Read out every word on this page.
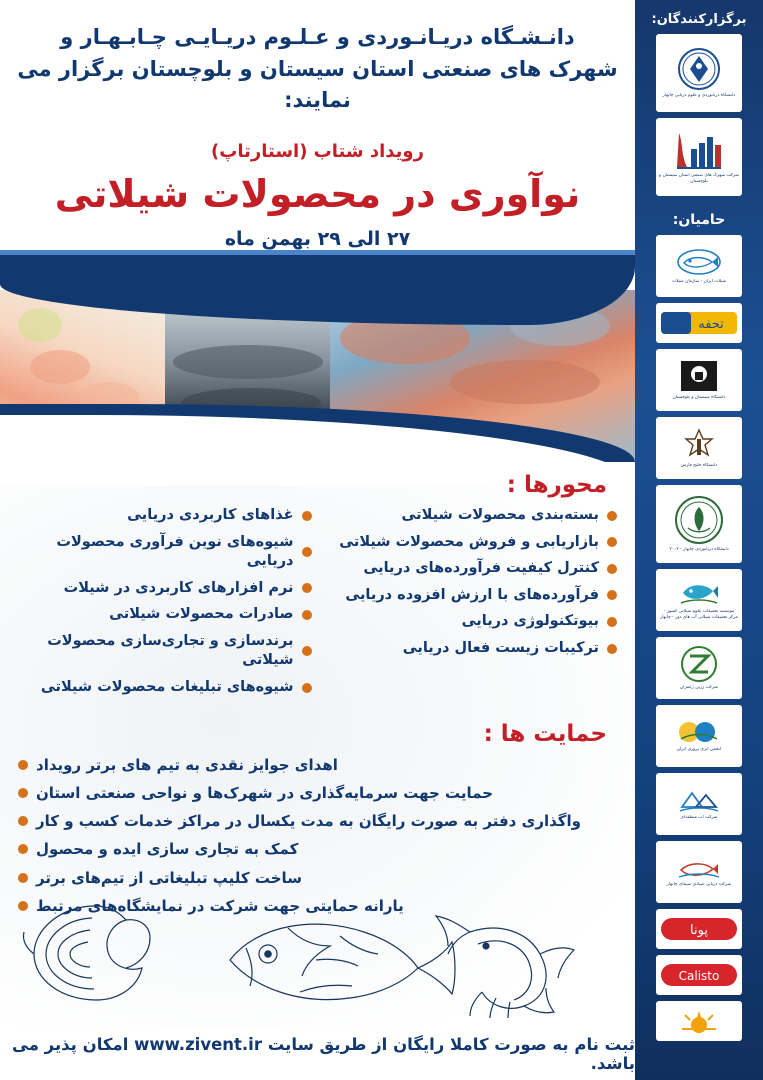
دانـشـگاه دریـانـوردی و عـلـوم دریـایـی چـابـهـار و
شهرک های صنعتی استان سیستان و بلوچستان برگزار می نمایند:
رویداد شتاب (استارتاپ)
نوآوری در محصولات شیلاتی
۲۷ الی ۲۹ بهمن ماه
محورها :
بسته‌بندی محصولات شیلاتی
بازاریابی و فروش محصولات شیلاتی
کنترل کیفیت فرآورده‌های دریایی
فرآورده‌های با ارزش افزوده دریایی
بیوتکنولوژی دریایی
ترکیبات زیست فعال دریایی
غذاهای کاربردی دریایی
شیوه‌های نوین فرآوری محصولات دریایی
نرم افزارهای کاربردی در شیلات
صادرات محصولات شیلاتی
برندسازی و تجاری‌سازی محصولات شیلاتی
شیوه‌های تبلیغات محصولات شیلاتی
حمایت ها :
اهدای جوایز نقدی به تیم های برتر رویداد
حمایت جهت سرمایه‌گذاری در شهرک‌ها و نواحی صنعتی استان
واگذاری دفتر به صورت رایگان به مدت یکسال در مراکز خدمات کسب و کار
کمک به تجاری سازی ایده و محصول
ساخت کلیپ تبلیغاتی از تیم‌های برتر
یارانه حمایتی جهت شرکت در نمایشگاه‌های مرتبط
ثبت نام به صورت کاملا رایگان از طریق سایت www.zivent.ir امکان پذیر می باشد.
برگزارکنندگان:
دانشگاه دریانوردی و علوم دریایی چابهار
شرکت شهرک های صنعتی استان سیستان و بلوچستان
حامیان:
شیلات ایران - سازمان شیلات
تحفه
دانشگاه سیستان و بلوچستان
دانشگاه خلیج فارس
دانشگاه دریانوردی چابهار - ۲۰۰۲
موسسه تحقیقات علوم شیلاتی کشور - مرکز تحقیقات شیلاتی آب های دور - چابهار
شرکت زرین زعفران
انجمن آبزی پروری ایران
شرکت آب منطقه‌ای
شرکت دریایی صیادی سیمای چابهار
پونا
Calisto
